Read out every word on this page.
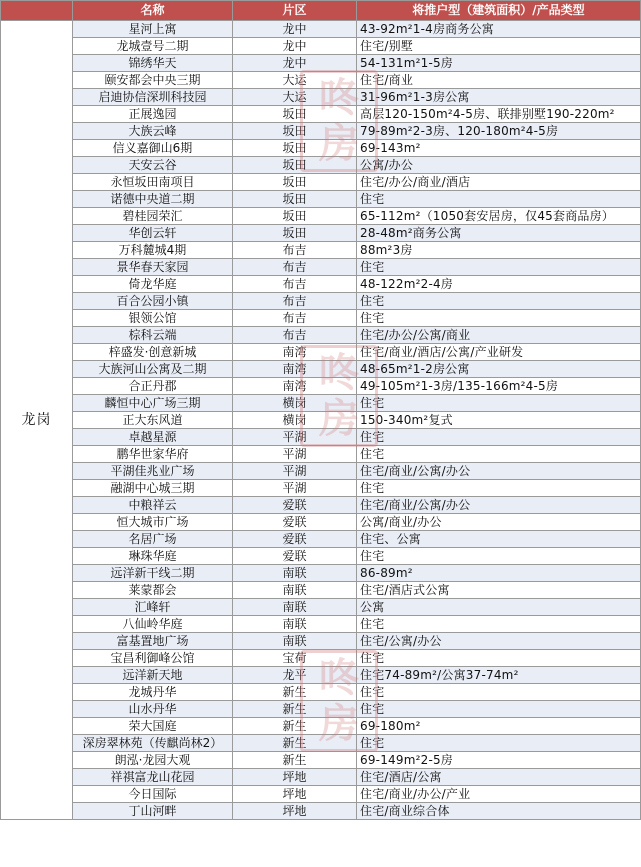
	名称	片区	将推户型（建筑面积）/产品类型
龙岗	星河上寓	龙中	43-92m²1-4房商务公寓
	龙城壹号二期	龙中	住宅/别墅
	锦绣华天	龙中	54-131m²1-5房
	颐安都会中央三期	大运	住宅/商业
	启迪协信深圳科技园	大运	31-96m²1-3房公寓
	正展逸园	坂田	高层120-150m²4-5房、联排别墅190-220m²
	大族云峰	坂田	79-89m²2-3房、120-180m²4-5房
	信义嘉御山6期	坂田	69-143m²
	天安云谷	坂田	公寓/办公
	永恒坂田南项目	坂田	住宅/办公/商业/酒店
	诺德中央道二期	坂田	住宅
	碧桂园荣汇	坂田	65-112m²（1050套安居房，仅45套商品房）
	华创云轩	坂田	28-48m²商务公寓
	万科麓城4期	布吉	88m²3房
	景华春天家园	布吉	住宅
	倚龙华庭	布吉	48-122m²2-4房
	百合公园小镇	布吉	住宅
	银领公馆	布吉	住宅
	棕科云端	布吉	住宅/办公/公寓/商业
	梓盛发·创意新城	南湾	住宅/商业/酒店/公寓/产业研发
	大族河山公寓及二期	南湾	48-65m²1-2房公寓
	合正丹郡	南湾	49-105m²1-3房/135-166m²4-5房
	麟恒中心广场三期	横岗	住宅
	正大东风道	横岗	150-340m²复式
	卓越星源	平湖	住宅
	鹏华世家华府	平湖	住宅
	平湖佳兆业广场	平湖	住宅/商业/公寓/办公
	融湖中心城三期	平湖	住宅
	中粮祥云	爱联	住宅/商业/公寓/办公
	恒大城市广场	爱联	公寓/商业/办公
	名居广场	爱联	住宅、公寓
	琳珠华庭	爱联	住宅
	远洋新干线二期	南联	86-89m²
	莱蒙都会	南联	住宅/酒店式公寓
	汇峰轩	南联	公寓
	八仙岭华庭	南联	住宅
	富基置地广场	南联	住宅/公寓/办公
	宝昌利御峰公馆	宝荷	住宅
	远洋新天地	龙平	住宅74-89m²/公寓37-74m²
	龙城丹华	新生	住宅
	山水丹华	新生	住宅
	荣大国庭	新生	69-180m²
	深房翠林苑（传麒尚林2）	新生	住宅
	朗泓·龙园大观	新生	69-149m²2-5房
	祥祺富龙山花园	坪地	住宅/酒店/公寓
	今日国际	坪地	住宅/商业/办公/产业
	丁山河畔	坪地	住宅/商业综合体
咚
房
咚
房
咚
房
